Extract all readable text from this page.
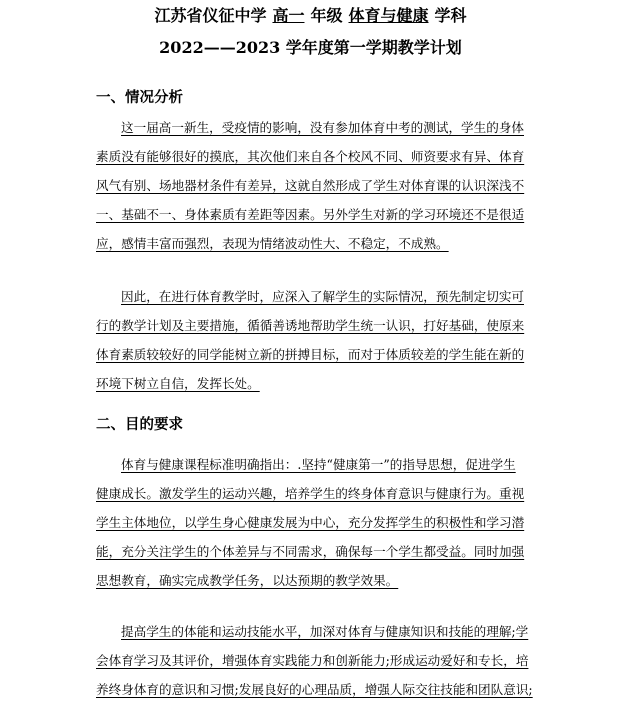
江苏省仪征中学 高一 年级 体育与健康 学科
2022——2023 学年度第一学期教学计划
一、情况分析
这一届高一新生，受疫情的影响，没有参加体育中考的测试，学生的身体
素质没有能够很好的摸底，其次他们来自各个校风不同、师资要求有异、体育
风气有别、场地器材条件有差异，这就自然形成了学生对体育课的认识深浅不
一、基础不一、身体素质有差距等因素。另外学生对新的学习环境还不是很适
应，感情丰富而强烈，表现为情绪波动性大、不稳定，不成熟。
因此，在进行体育教学时，应深入了解学生的实际情况，预先制定切实可
行的教学计划及主要措施，循循善诱地帮助学生统一认识，打好基础，使原来
体育素质较较好的同学能树立新的拼搏目标，而对于体质较差的学生能在新的
环境下树立自信，发挥长处。
二、目的要求
体育与健康课程标准明确指出：.坚持“健康第一”的指导思想，促进学生
健康成长。激发学生的运动兴趣，培养学生的终身体育意识与健康行为。重视
学生主体地位，以学生身心健康发展为中心，充分发挥学生的积极性和学习潜
能，充分关注学生的个体差异与不同需求，确保每一个学生都受益。同时加强
思想教育，确实完成教学任务，以达预期的教学效果。
提高学生的体能和运动技能水平，加深对体育与健康知识和技能的理解;学
会体育学习及其评价，增强体育实践能力和创新能力;形成运动爱好和专长，培
养终身体育的意识和习惯;发展良好的心理品质，增强人际交往技能和团队意识;
